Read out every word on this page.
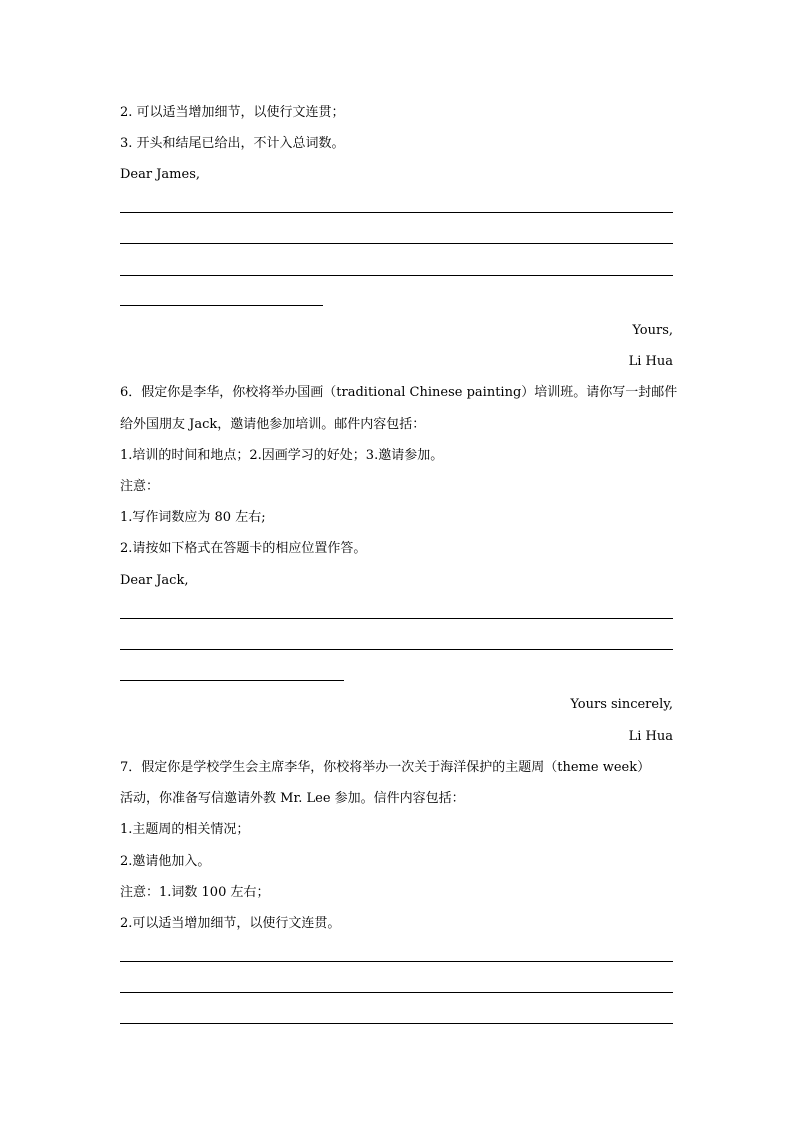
2. 可以适当增加细节，以使行文连贯；
3. 开头和结尾已给出，不计入总词数。
Dear James,
Yours,
Li Hua
6．假定你是李华，你校将举办国画（traditional Chinese painting）培训班。请你写一封邮件
给外国朋友 Jack，邀请他参加培训。邮件内容包括：
1.培训的时间和地点；2.因画学习的好处；3.邀请参加。
注意：
1.写作词数应为 80 左右;
2.请按如下格式在答题卡的相应位置作答。
Dear Jack,
Yours sincerely,
Li Hua
7．假定你是学校学生会主席李华，你校将举办一次关于海洋保护的主题周（theme week）
活动，你准备写信邀请外教 Mr. Lee 参加。信件内容包括：
1.主题周的相关情况；
2.邀请他加入。
注意：1.词数 100 左右；
2.可以适当增加细节，以使行文连贯。
